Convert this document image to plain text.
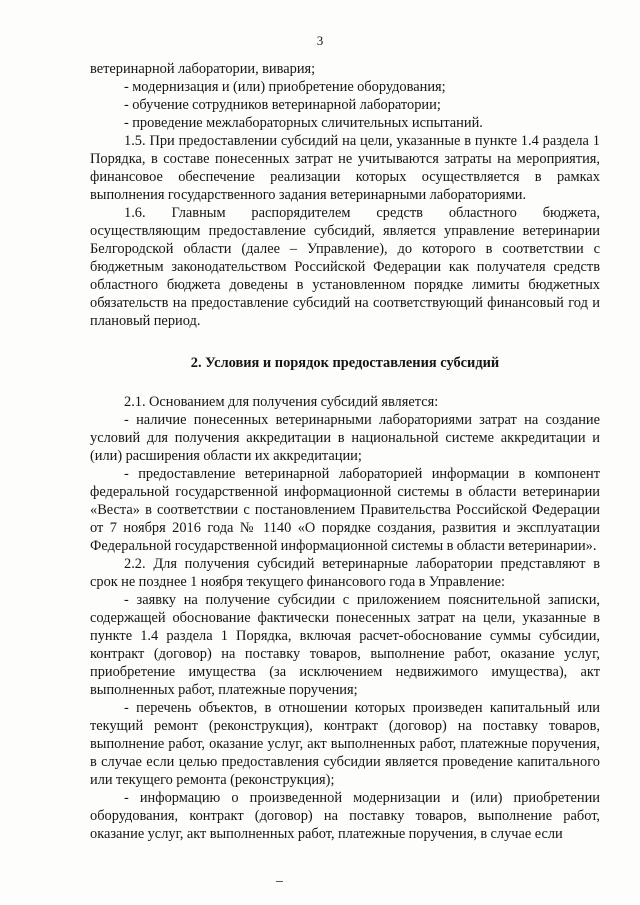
3

ветеринарной лаборатории, вивария;

- модернизация и (или) приобретение оборудования;

- обучение сотрудников ветеринарной лаборатории;

- проведение межлабораторных сличительных испытаний.

1.5. При предоставлении субсидий на цели, указанные в пункте 1.4 раздела 1 Порядка, в составе понесенных затрат не учитываются затраты на мероприятия, финансовое обеспечение реализации которых осуществляется в рамках выполнения государственного задания ветеринарными лабораториями.

1.6. Главным распорядителем средств областного бюджета, осуществляющим предоставление субсидий, является управление ветеринарии Белгородской области (далее – Управление), до которого в соответствии с бюджетным законодательством Российской Федерации как получателя средств областного бюджета доведены в установленном порядке лимиты бюджетных обязательств на предоставление субсидий на соответствующий финансовый год и плановый период.

2. Условия и порядок предоставления субсидий

2.1. Основанием для получения субсидий является:

- наличие понесенных ветеринарными лабораториями затрат на создание условий для получения аккредитации в национальной системе аккредитации и (или) расширения области их аккредитации;

- предоставление ветеринарной лабораторией информации в компонент федеральной государственной информационной системы в области ветеринарии «Веста» в соответствии с постановлением Правительства Российской Федерации от 7 ноября 2016 года № 1140 «О порядке создания, развития и эксплуатации Федеральной государственной информационной системы в области ветеринарии».

2.2. Для получения субсидий ветеринарные лаборатории представляют в срок не позднее 1 ноября текущего финансового года в Управление:

- заявку на получение субсидии с приложением пояснительной записки, содержащей обоснование фактически понесенных затрат на цели, указанные в пункте 1.4 раздела 1 Порядка, включая расчет-обоснование суммы субсидии, контракт (договор) на поставку товаров, выполнение работ, оказание услуг, приобретение имущества (за исключением недвижимого имущества), акт выполненных работ, платежные поручения;

- перечень объектов, в отношении которых произведен капитальный или текущий ремонт (реконструкция), контракт (договор) на поставку товаров, выполнение работ, оказание услуг, акт выполненных работ, платежные поручения, в случае если целью предоставления субсидии является проведение капитального или текущего ремонта (реконструкция);

- информацию о произведенной модернизации и (или) приобретении оборудования, контракт (договор) на поставку товаров, выполнение работ, оказание услуг, акт выполненных работ, платежные поручения, в случае если
